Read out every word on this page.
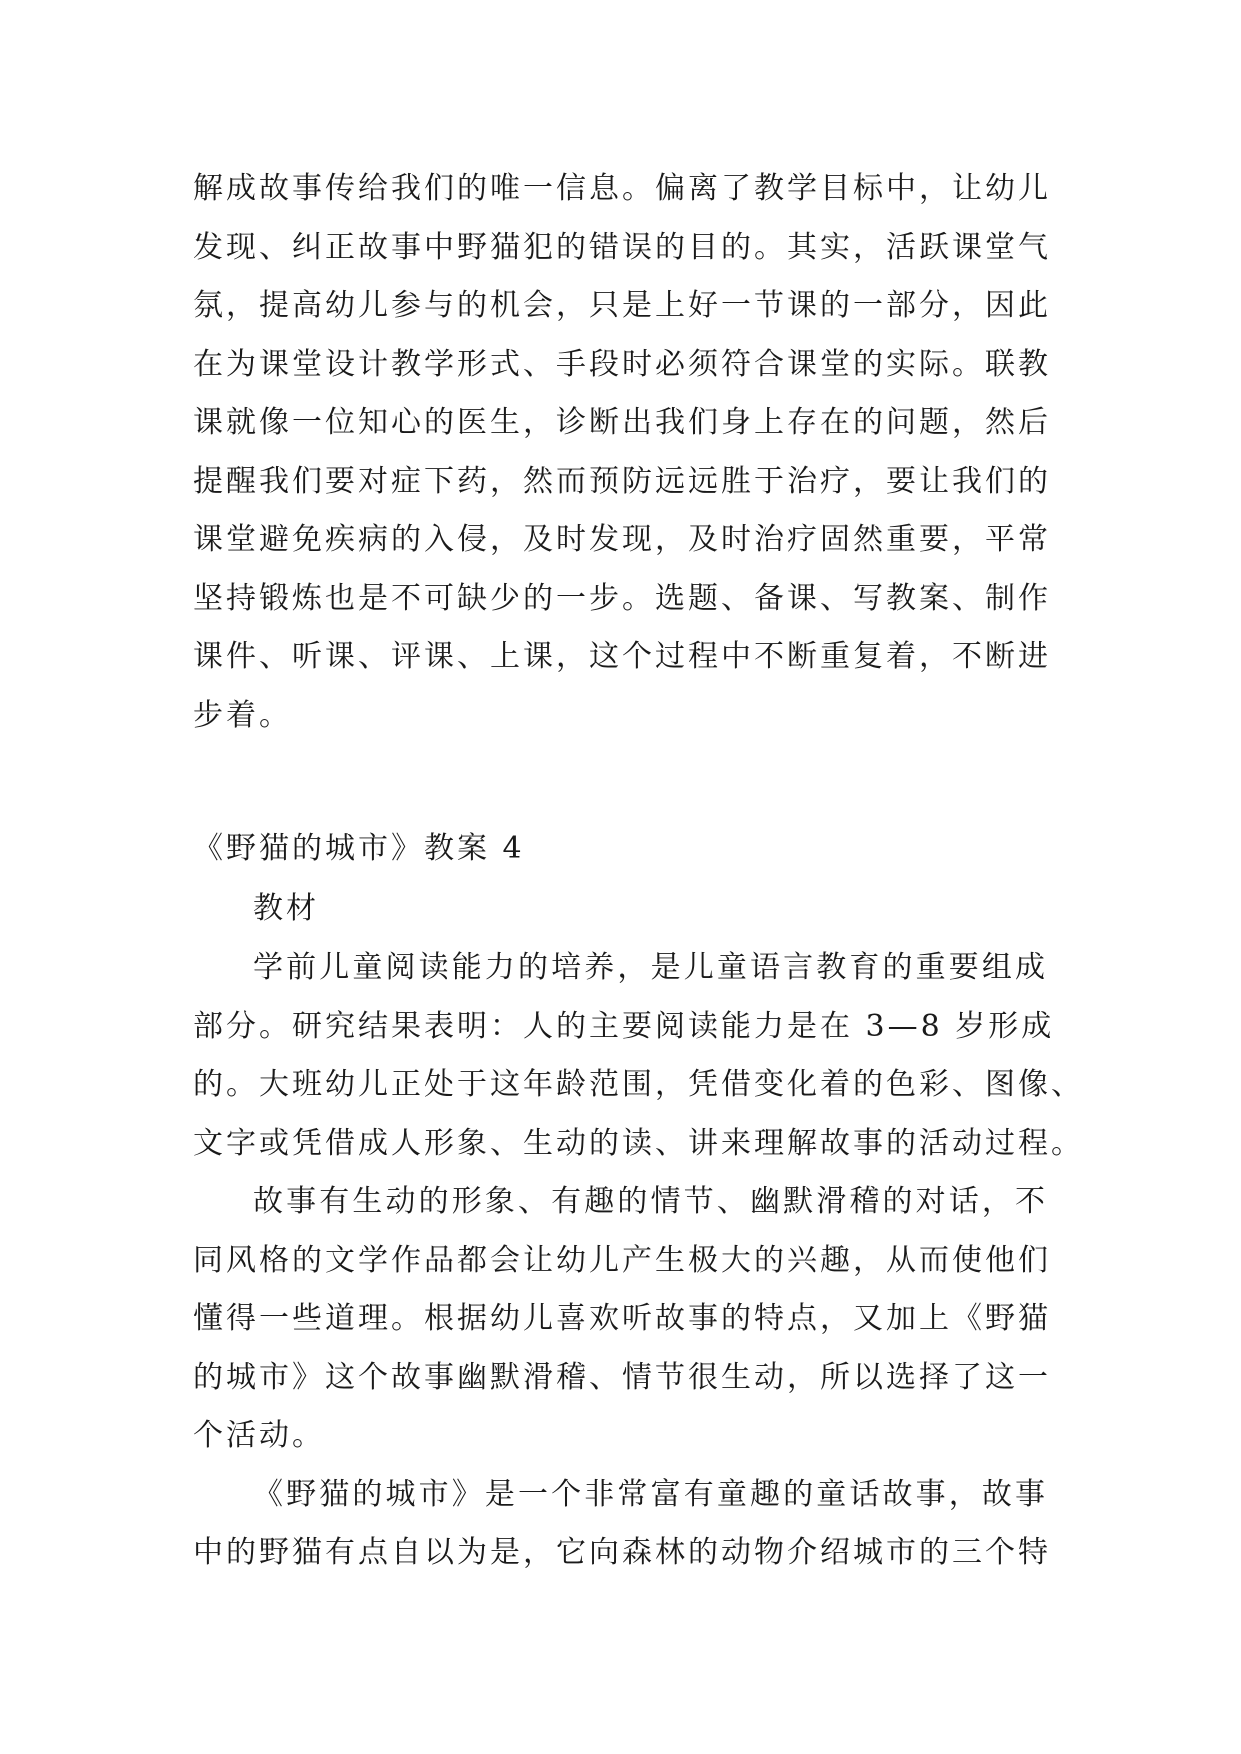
解成故事传给我们的唯一信息。偏离了教学目标中，让幼儿
发现、纠正故事中野猫犯的错误的目的。其实，活跃课堂气
氛，提高幼儿参与的机会，只是上好一节课的一部分，因此
在为课堂设计教学形式、手段时必须符合课堂的实际。联教
课就像一位知心的医生，诊断出我们身上存在的问题，然后
提醒我们要对症下药，然而预防远远胜于治疗，要让我们的
课堂避免疾病的入侵，及时发现，及时治疗固然重要，平常
坚持锻炼也是不可缺少的一步。选题、备课、写教案、制作
课件、听课、评课、上课，这个过程中不断重复着，不断进
步着。
《野猫的城市》教案 4
教材
学前儿童阅读能力的培养，是儿童语言教育的重要组成
部分。研究结果表明：人的主要阅读能力是在 3—8 岁形成
的。大班幼儿正处于这年龄范围，凭借变化着的色彩、图像、
文字或凭借成人形象、生动的读、讲来理解故事的活动过程。
故事有生动的形象、有趣的情节、幽默滑稽的对话，不
同风格的文学作品都会让幼儿产生极大的兴趣，从而使他们
懂得一些道理。根据幼儿喜欢听故事的特点，又加上《野猫
的城市》这个故事幽默滑稽、情节很生动，所以选择了这一
个活动。
《野猫的城市》是一个非常富有童趣的童话故事，故事
中的野猫有点自以为是，它向森林的动物介绍城市的三个特
